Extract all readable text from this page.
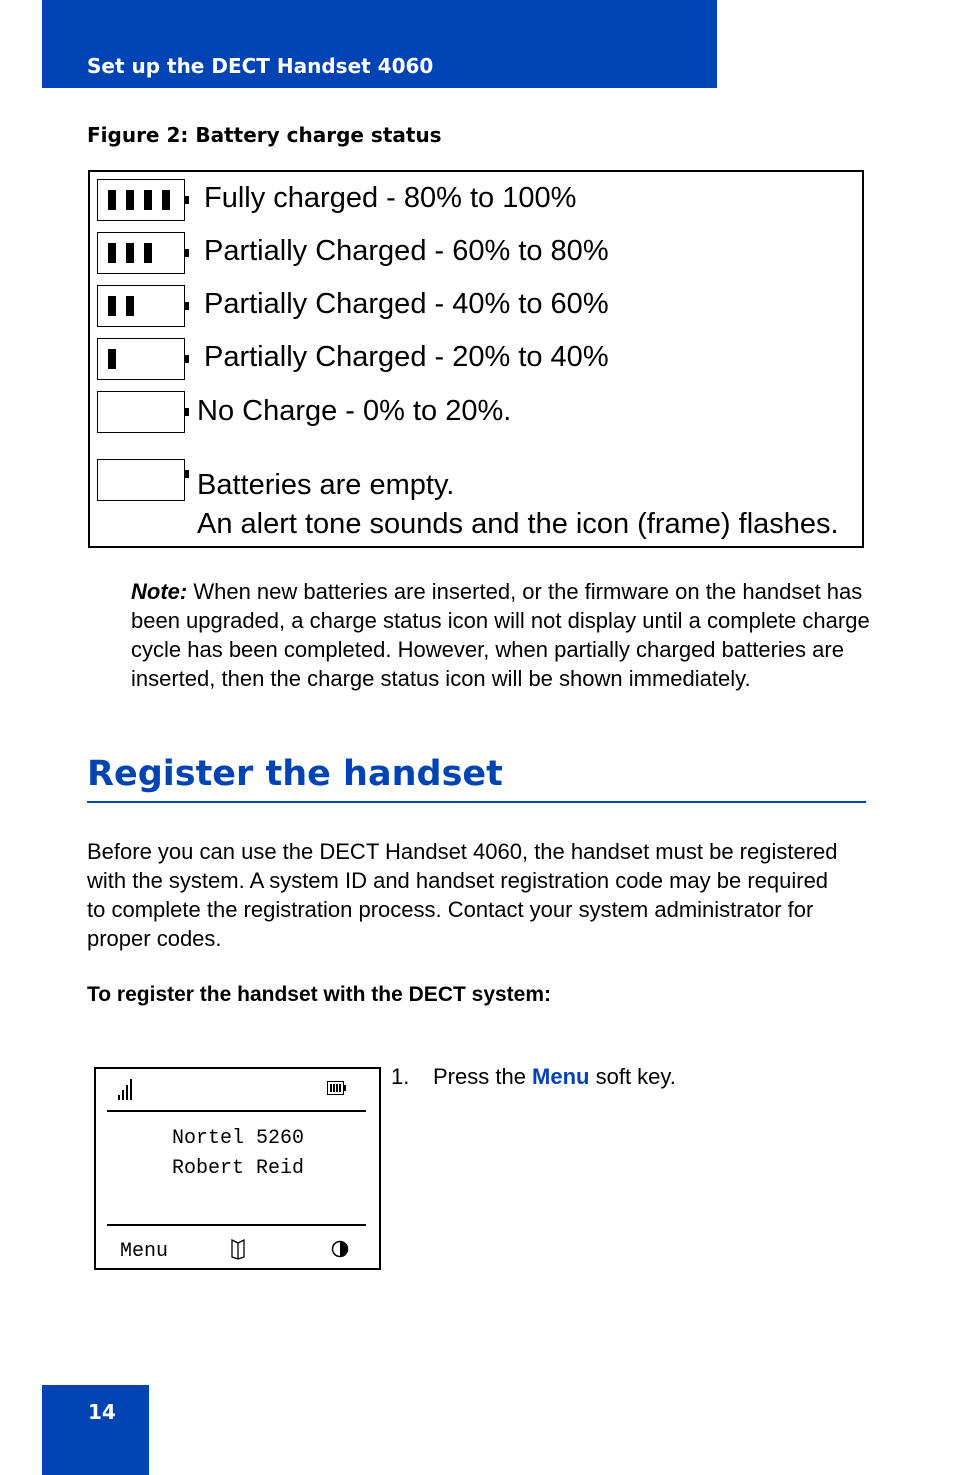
Set up the DECT Handset 4060
Figure 2: Battery charge status
Fully charged - 80% to 100%
Partially Charged - 60% to 80%
Partially Charged - 40% to 60%
Partially Charged - 20% to 40%
No Charge - 0% to 20%.
Batteries are empty.
An alert tone sounds and the icon (frame) flashes.
Note: When new batteries are inserted, or the firmware on the handset has been upgraded, a charge status icon will not display until a complete charge cycle has been completed. However, when partially charged batteries are inserted, then the charge status icon will be shown immediately.
Register the handset
Before you can use the DECT Handset 4060, the handset must be registered with the system. A system ID and handset registration code may be required to complete the registration process. Contact your system administrator for proper codes.
To register the handset with the DECT system:
Nortel 5260
Robert Reid
Menu
1. Press the Menu soft key.
14
